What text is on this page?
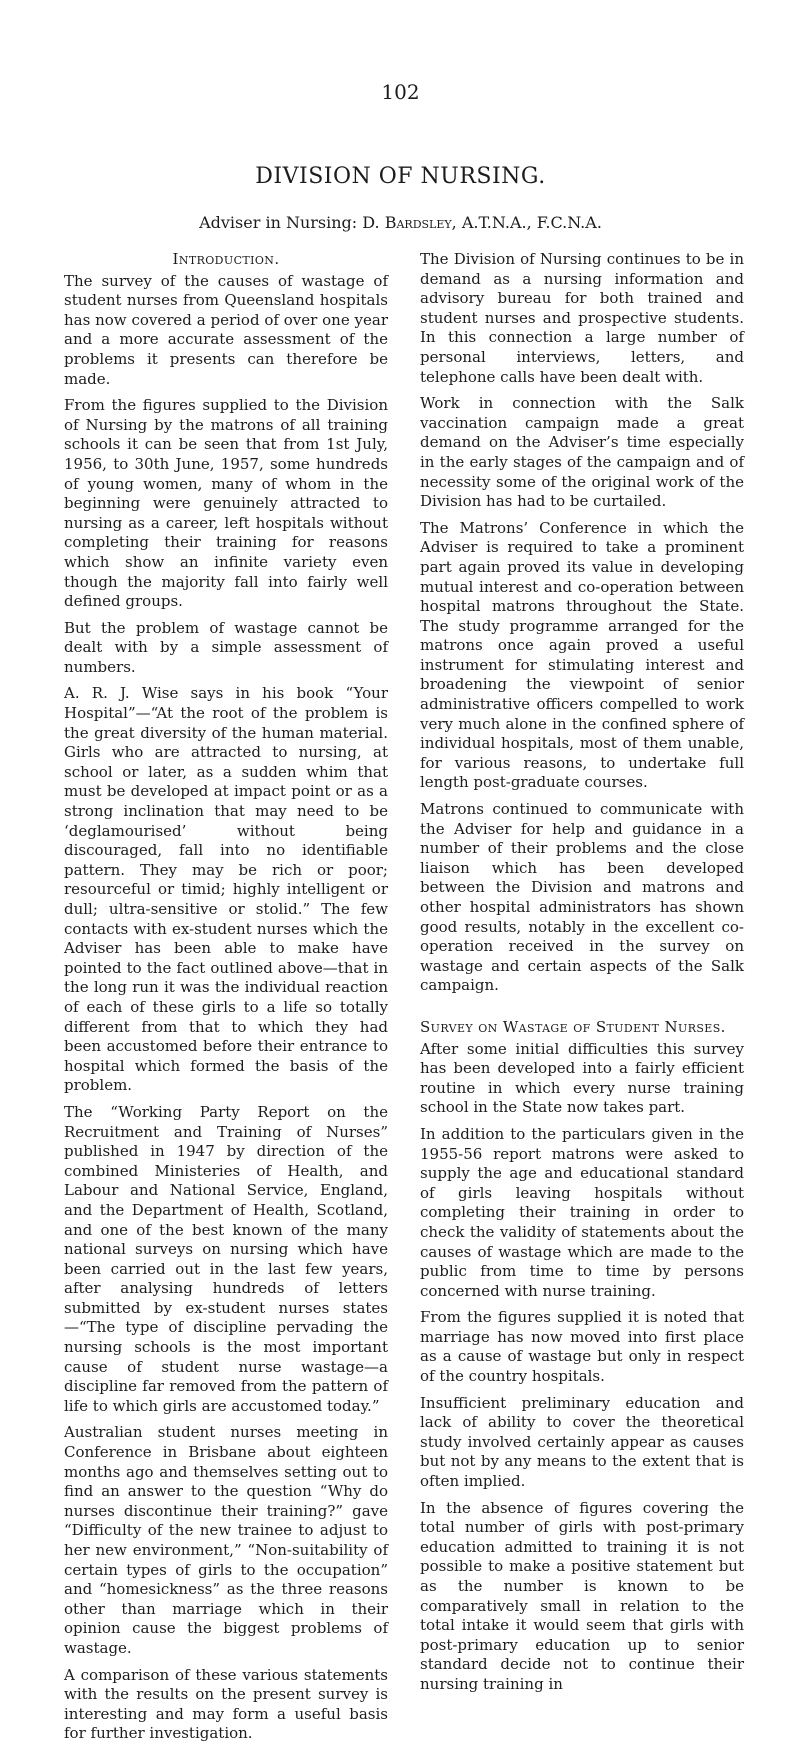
102
DIVISION OF NURSING.
Adviser in Nursing: D. Bardsley, A.T.N.A., F.C.N.A.
Introduction.

The survey of the causes of wastage of student nurses from Queensland hospitals has now covered a period of over one year and a more accurate assessment of the problems it presents can therefore be made.

From the figures supplied to the Division of Nursing by the matrons of all training schools it can be seen that from 1st July, 1956, to 30th June, 1957, some hundreds of young women, many of whom in the beginning were genuinely attracted to nursing as a career, left hospitals without completing their training for reasons which show an infinite variety even though the majority fall into fairly well defined groups.

But the problem of wastage cannot be dealt with by a simple assessment of numbers.

A. R. J. Wise says in his book “Your Hospital”—“At the root of the problem is the great diversity of the human material. Girls who are attracted to nursing, at school or later, as a sudden whim that must be developed at impact point or as a strong inclination that may need to be ‘deglamourised’ without being discouraged, fall into no identifiable pattern. They may be rich or poor; resourceful or timid; highly intelligent or dull; ultra-sensitive or stolid.” The few contacts with ex-student nurses which the Adviser has been able to make have pointed to the fact outlined above—that in the long run it was the individual reaction of each of these girls to a life so totally different from that to which they had been accustomed before their entrance to hospital which formed the basis of the problem.

The “Working Party Report on the Recruitment and Training of Nurses” published in 1947 by direction of the combined Ministeries of Health, and Labour and National Service, England, and the Department of Health, Scotland, and one of the best known of the many national surveys on nursing which have been carried out in the last few years, after analysing hundreds of letters submitted by ex-student nurses states—“The type of discipline pervading the nursing schools is the most important cause of student nurse wastage—a discipline far removed from the pattern of life to which girls are accustomed today.”

Australian student nurses meeting in Conference in Brisbane about eighteen months ago and themselves setting out to find an answer to the question “Why do nurses discontinue their training?” gave “Difficulty of the new trainee to adjust to her new environment,” “Non-suitability of certain types of girls to the occupation” and “homesickness” as the three reasons other than marriage which in their opinion cause the biggest problems of wastage.

A comparison of these various statements with the results on the present survey is interesting and may form a useful basis for further investigation.

The Division of Nursing continues to be in demand as a nursing information and advisory bureau for both trained and student nurses and prospective students. In this connection a large number of personal interviews, letters, and telephone calls have been dealt with.

Work in connection with the Salk vaccination campaign made a great demand on the Adviser’s time especially in the early stages of the campaign and of necessity some of the original work of the Division has had to be curtailed.

The Matrons’ Conference in which the Adviser is required to take a prominent part again proved its value in developing mutual interest and co-operation between hospital matrons throughout the State. The study programme arranged for the matrons once again proved a useful instrument for stimulating interest and broadening the viewpoint of senior administrative officers compelled to work very much alone in the confined sphere of individual hospitals, most of them unable, for various reasons, to undertake full length post-graduate courses.

Matrons continued to communicate with the Adviser for help and guidance in a number of their problems and the close liaison which has been developed between the Division and matrons and other hospital administrators has shown good results, notably in the excellent co-operation received in the survey on wastage and certain aspects of the Salk campaign.

Survey on Wastage of Student Nurses.

After some initial difficulties this survey has been developed into a fairly efficient routine in which every nurse training school in the State now takes part.

In addition to the particulars given in the 1955-56 report matrons were asked to supply the age and educational standard of girls leaving hospitals without completing their training in order to check the validity of statements about the causes of wastage which are made to the public from time to time by persons concerned with nurse training.

From the figures supplied it is noted that marriage has now moved into first place as a cause of wastage but only in respect of the country hospitals.

Insufficient preliminary education and lack of ability to cover the theoretical study involved certainly appear as causes but not by any means to the extent that is often implied.

In the absence of figures covering the total number of girls with post-primary education admitted to training it is not possible to make a positive statement but as the number is known to be comparatively small in relation to the total intake it would seem that girls with post-primary education up to senior standard decide not to continue their nursing training in
